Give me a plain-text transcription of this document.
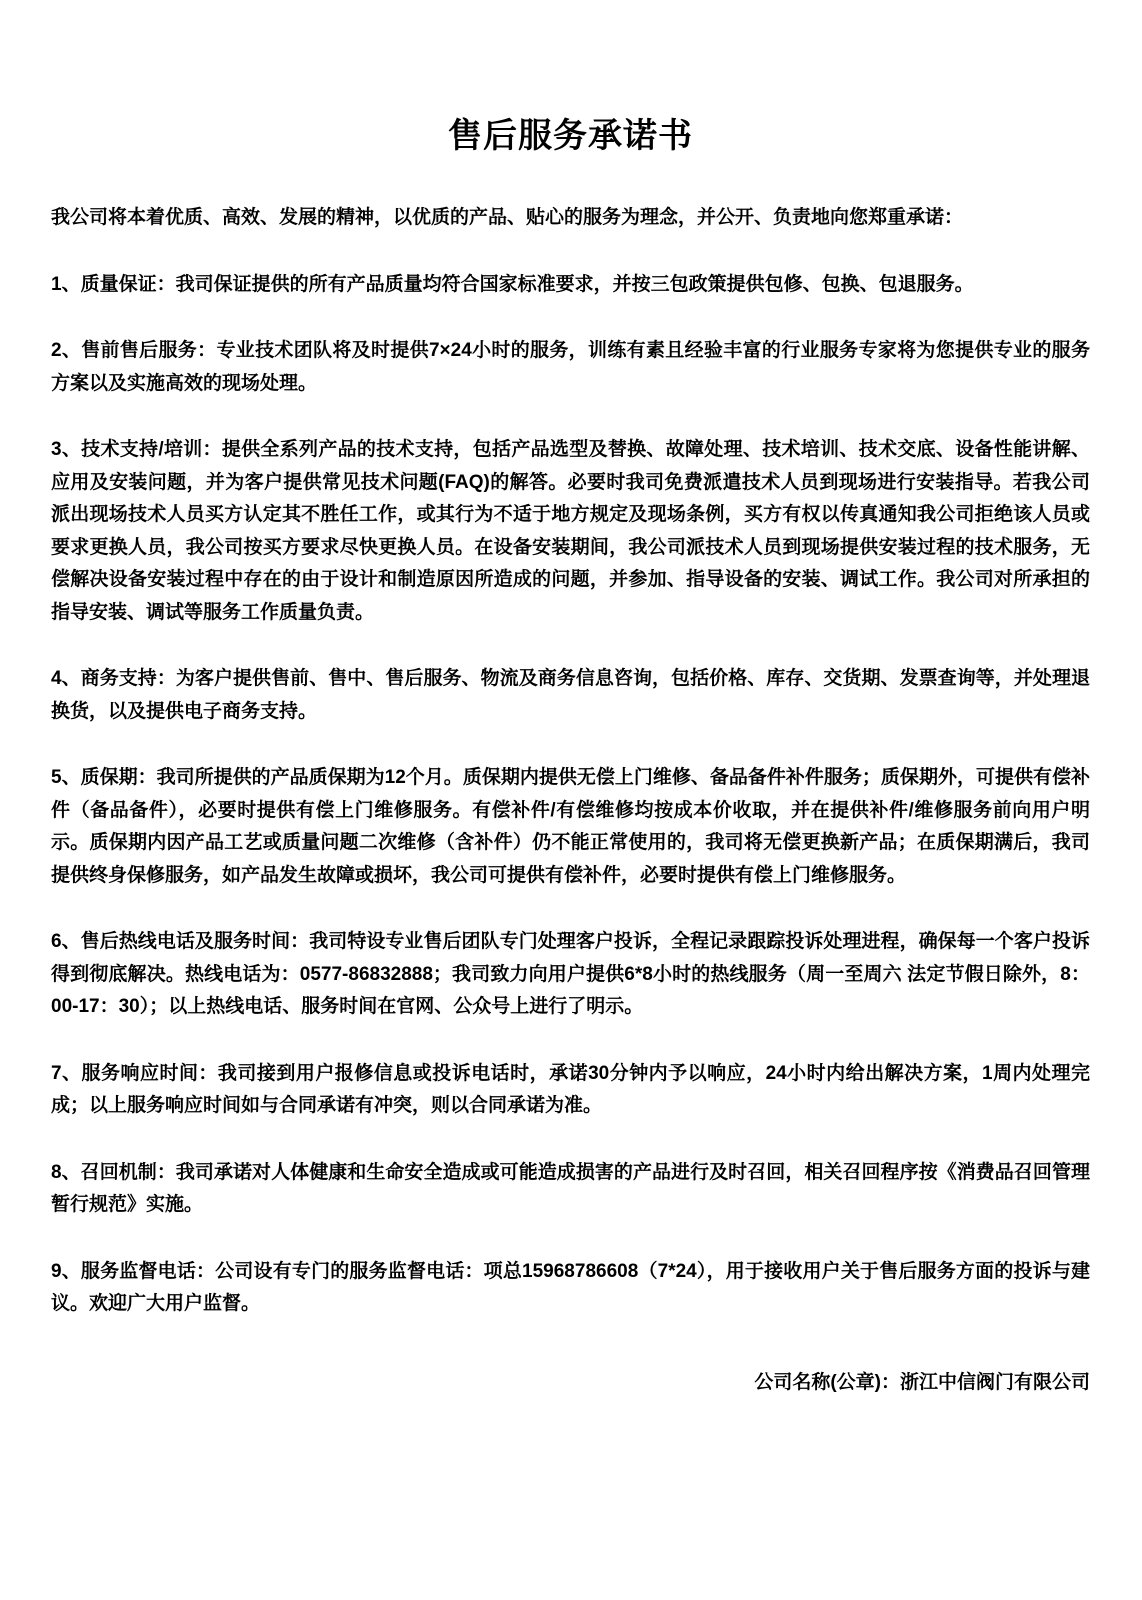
售后服务承诺书

我公司将本着优质、高效、发展的精神，以优质的产品、贴心的服务为理念，并公开、负责地向您郑重承诺：

1、质量保证：我司保证提供的所有产品质量均符合国家标准要求，并按三包政策提供包修、包换、包退服务。

2、售前售后服务：专业技术团队将及时提供7×24小时的服务，训练有素且经验丰富的行业服务专家将为您提供专业的服务方案以及实施高效的现场处理。

3、技术支持/培训：提供全系列产品的技术支持，包括产品选型及替换、故障处理、技术培训、技术交底、设备性能讲解、应用及安装问题，并为客户提供常见技术问题(FAQ)的解答。必要时我司免费派遣技术人员到现场进行安装指导。若我公司派出现场技术人员买方认定其不胜任工作，或其行为不适于地方规定及现场条例，买方有权以传真通知我公司拒绝该人员或要求更换人员，我公司按买方要求尽快更换人员。在设备安装期间，我公司派技术人员到现场提供安装过程的技术服务，无偿解决设备安装过程中存在的由于设计和制造原因所造成的问题，并参加、指导设备的安装、调试工作。我公司对所承担的指导安装、调试等服务工作质量负责。

4、商务支持：为客户提供售前、售中、售后服务、物流及商务信息咨询，包括价格、库存、交货期、发票查询等，并处理退换货，以及提供电子商务支持。

5、质保期：我司所提供的产品质保期为12个月。质保期内提供无偿上门维修、备品备件补件服务；质保期外，可提供有偿补件（备品备件），必要时提供有偿上门维修服务。有偿补件/有偿维修均按成本价收取，并在提供补件/维修服务前向用户明示。质保期内因产品工艺或质量问题二次维修（含补件）仍不能正常使用的，我司将无偿更换新产品；在质保期满后，我司提供终身保修服务，如产品发生故障或损坏，我公司可提供有偿补件，必要时提供有偿上门维修服务。

6、售后热线电话及服务时间：我司特设专业售后团队专门处理客户投诉，全程记录跟踪投诉处理进程，确保每一个客户投诉得到彻底解决。热线电话为：0577-86832888；我司致力向用户提供6*8小时的热线服务（周一至周六 法定节假日除外，8：00-17：30）；以上热线电话、服务时间在官网、公众号上进行了明示。

7、服务响应时间：我司接到用户报修信息或投诉电话时，承诺30分钟内予以响应，24小时内给出解决方案，1周内处理完成；以上服务响应时间如与合同承诺有冲突，则以合同承诺为准。

8、召回机制：我司承诺对人体健康和生命安全造成或可能造成损害的产品进行及时召回，相关召回程序按《消费品召回管理暂行规范》实施。

9、服务监督电话：公司设有专门的服务监督电话：项总15968786608（7*24），用于接收用户关于售后服务方面的投诉与建议。欢迎广大用户监督。

公司名称(公章)：浙江中信阀门有限公司
